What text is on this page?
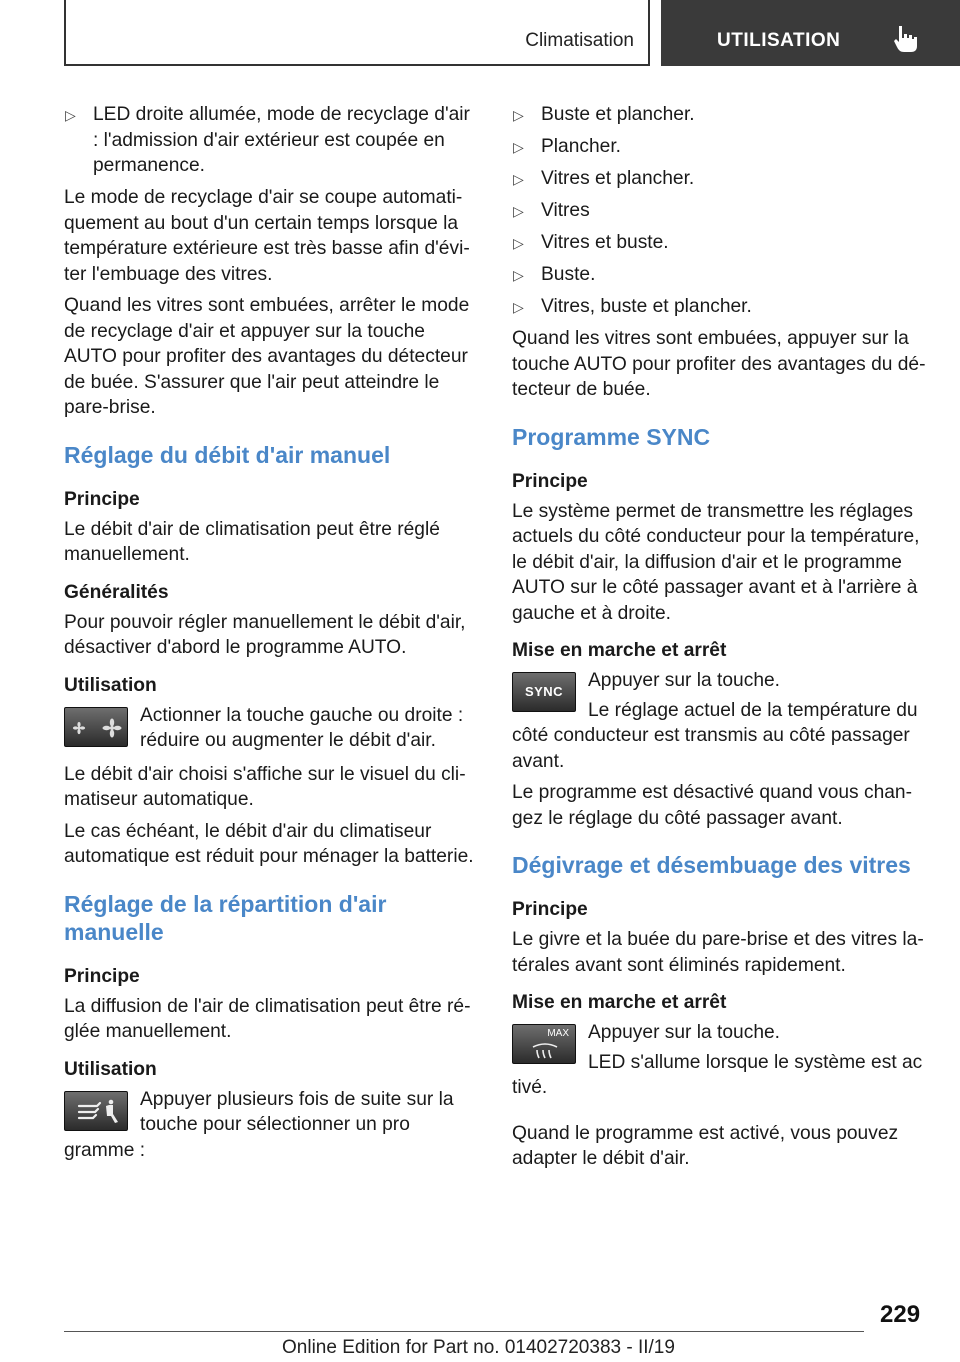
Climatisation	UTILISATION
▷ LED droite allumée, mode de recyclage d'air : l'admission d'air extérieur est coupée en permanence.

Le mode de recyclage d'air se coupe automatiquement au bout d'un certain temps lorsque la température extérieure est très basse afin d'éviter l'embuage des vitres.

Quand les vitres sont embuées, arrêter le mode de recyclage d'air et appuyer sur la touche AUTO pour profiter des avantages du détecteur de buée. S'assurer que l'air peut atteindre le pare-brise.

Réglage du débit d'air manuel
Principe

Le débit d'air de climatisation peut être réglé manuellement.

Généralités

Pour pouvoir régler manuellement le débit d'air, désactiver d'abord le programme AUTO.

Utilisation

Actionner la touche gauche ou droite : réduire ou augmenter le débit d'air.

Le débit d'air choisi s'affiche sur le visuel du climatiseur automatique.

Le cas échéant, le débit d'air du climatiseur automatique est réduit pour ménager la batterie.

Réglage de la répartition d'air manuelle
Principe

La diffusion de l'air de climatisation peut être réglée manuellement.

Utilisation

Appuyer plusieurs fois de suite sur la touche pour sélectionner un pro

gramme :

▷ Buste et plancher.
▷ Plancher.
▷ Vitres et plancher.
▷ Vitres
▷ Vitres et buste.
▷ Buste.
▷ Vitres, buste et plancher.

Quand les vitres sont embuées, appuyer sur la touche AUTO pour profiter des avantages du détecteur de buée.

Programme SYNC
Principe

Le système permet de transmettre les réglages actuels du côté conducteur pour la température, le débit d'air, la diffusion d'air et le programme AUTO sur le côté passager avant et à l'arrière à gauche et à droite.

Mise en marche et arrêt
SYNC

Appuyer sur la touche.

Le réglage actuel de la température du

côté conducteur est transmis au côté passager avant.

Le programme est désactivé quand vous changez le réglage du côté passager avant.

Dégivrage et désembuage des vitres
Principe

Le givre et la buée du pare-brise et des vitres latérales avant sont éliminés rapidement.

Mise en marche et arrêt
MAX Appuyer sur la touche.

LED s'allume lorsque le système est ac

tivé.

Quand le programme est activé, vous pouvez adapter le débit d'air.

229
Online Edition for Part no. 01402720383 - II/19
